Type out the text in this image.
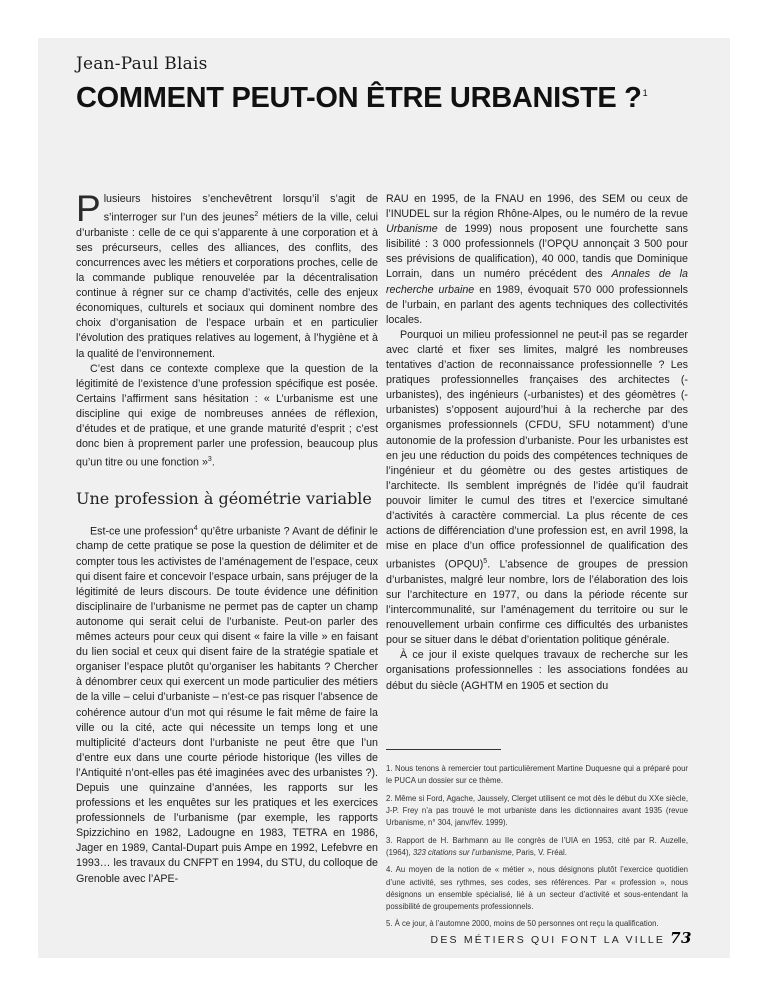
Jean-Paul Blais
COMMENT PEUT-ON ÊTRE URBANISTE ?$^1$

Plusieurs histoires s’enchevêtrent lorsqu’il s’agit de s’interroger sur l’un des jeunes$^2$ métiers de la ville, celui d’urbaniste : celle de ce qui s’apparente à une corporation et à ses précurseurs, celles des alliances, des conflits, des concurrences avec les métiers et corporations proches, celle de la commande publique renouvelée par la décentralisation continue à régner sur ce champ d’activités, celle des enjeux économiques, culturels et sociaux qui dominent nombre des choix d’organisation de l’espace urbain et en particulier l’évolution des pratiques relatives au logement, à l’hygiène et à la qualité de l’environnement.

C’est dans ce contexte complexe que la question de la légitimité de l’existence d’une profession spécifique est posée. Certains l’affirment sans hésitation : « L’urbanisme est une discipline qui exige de nombreuses années de réflexion, d’études et de pratique, et une grande maturité d’esprit ; c’est donc bien à proprement parler une profession, beaucoup plus qu’un titre ou une fonction »$^3$.

Une profession à géométrie variable

Est-ce une profession$^4$ qu’être urbaniste ? Avant de définir le champ de cette pratique se pose la question de délimiter et de compter tous les activistes de l’aménagement de l’espace, ceux qui disent faire et concevoir l’espace urbain, sans préjuger de la légitimité de leurs discours. De toute évidence une définition disciplinaire de l’urbanisme ne permet pas de capter un champ autonome qui serait celui de l’urbaniste. Peut-on parler des mêmes acteurs pour ceux qui disent « faire la ville » en faisant du lien social et ceux qui disent faire de la stratégie spatiale et organiser l’espace plutôt qu’organiser les habitants ? Chercher à dénombrer ceux qui exercent un mode particulier des métiers de la ville – celui d’urbaniste – n’est-ce pas risquer l’absence de cohérence autour d’un mot qui résume le fait même de faire la ville ou la cité, acte qui nécessite un temps long et une multiplicité d’acteurs dont l’urbaniste ne peut être que l’un d’entre eux dans une courte période historique (les villes de l’Antiquité n’ont-elles pas été imaginées avec des urbanistes ?). Depuis une quinzaine d’années, les rapports sur les professions et les enquêtes sur les pratiques et les exercices professionnels de l’urbanisme (par exemple, les rapports Spizzichino en 1982, Ladougne en 1983, TETRA en 1986, Jager en 1989, Cantal-Dupart puis Ampe en 1992, Lefebvre en 1993… les travaux du CNFPT en 1994, du STU, du colloque de Grenoble avec l’APE-

RAU en 1995, de la FNAU en 1996, des SEM ou ceux de l’INUDEL sur la région Rhône-Alpes, ou le numéro de la revue Urbanisme de 1999) nous proposent une fourchette sans lisibilité : 3 000 professionnels (l’OPQU annonçait 3 500 pour ses prévisions de qualification), 40 000, tandis que Dominique Lorrain, dans un numéro précédent des Annales de la recherche urbaine en 1989, évoquait 570 000 professionnels de l’urbain, en parlant des agents techniques des collectivités locales.

Pourquoi un milieu professionnel ne peut-il pas se regarder avec clarté et fixer ses limites, malgré les nombreuses tentatives d’action de reconnaissance professionnelle ? Les pratiques professionnelles françaises des architectes (-urbanistes), des ingénieurs (-urbanistes) et des géomètres (-urbanistes) s’opposent aujourd’hui à la recherche par des organismes professionnels (CFDU, SFU notamment) d’une autonomie de la profession d’urbaniste. Pour les urbanistes est en jeu une réduction du poids des compétences techniques de l’ingénieur et du géomètre ou des gestes artistiques de l’architecte. Ils semblent imprégnés de l’idée qu’il faudrait pouvoir limiter le cumul des titres et l’exercice simultané d’activités à caractère commercial. La plus récente de ces actions de différenciation d’une profession est, en avril 1998, la mise en place d’un office professionnel de qualification des urbanistes (OPQU)$^5$. L’absence de groupes de pression d’urbanistes, malgré leur nombre, lors de l’élaboration des lois sur l’architecture en 1977, ou dans la période récente sur l’intercommunalité, sur l’aménagement du territoire ou sur le renouvellement urbain confirme ces difficultés des urbanistes pour se situer dans le débat d’orientation politique générale.

À ce jour il existe quelques travaux de recherche sur les organisations professionnelles : les associations fondées au début du siècle (AGHTM en 1905 et section du

1. Nous tenons à remercier tout particulièrement Martine Duquesne qui a préparé pour le PUCA un dossier sur ce thème.

2. Même si Ford, Agache, Jaussely, Clerget utilisent ce mot dès le début du XXe siècle, J-P. Frey n’a pas trouvé le mot urbaniste dans les dictionnaires avant 1935 (revue Urbanisme, n° 304, janv/fév. 1999).

3. Rapport de H. Barhmann au IIe congrès de l’UIA en 1953, cité par R. Auzelle, (1964), 323 citations sur l’urbanisme, Paris, V. Fréal.

4. Au moyen de la notion de « métier », nous désignons plutôt l’exercice quotidien d’une activité, ses rythmes, ses codes, ses références. Par « profession », nous désignons un ensemble spécialisé, lié à un secteur d’activité et sous-entendant la possibilité de groupements professionnels.

5. À ce jour, à l’automne 2000, moins de 50 personnes ont reçu la qualification.

DES MÉTIERS QUI FONT LA VILLE 73
